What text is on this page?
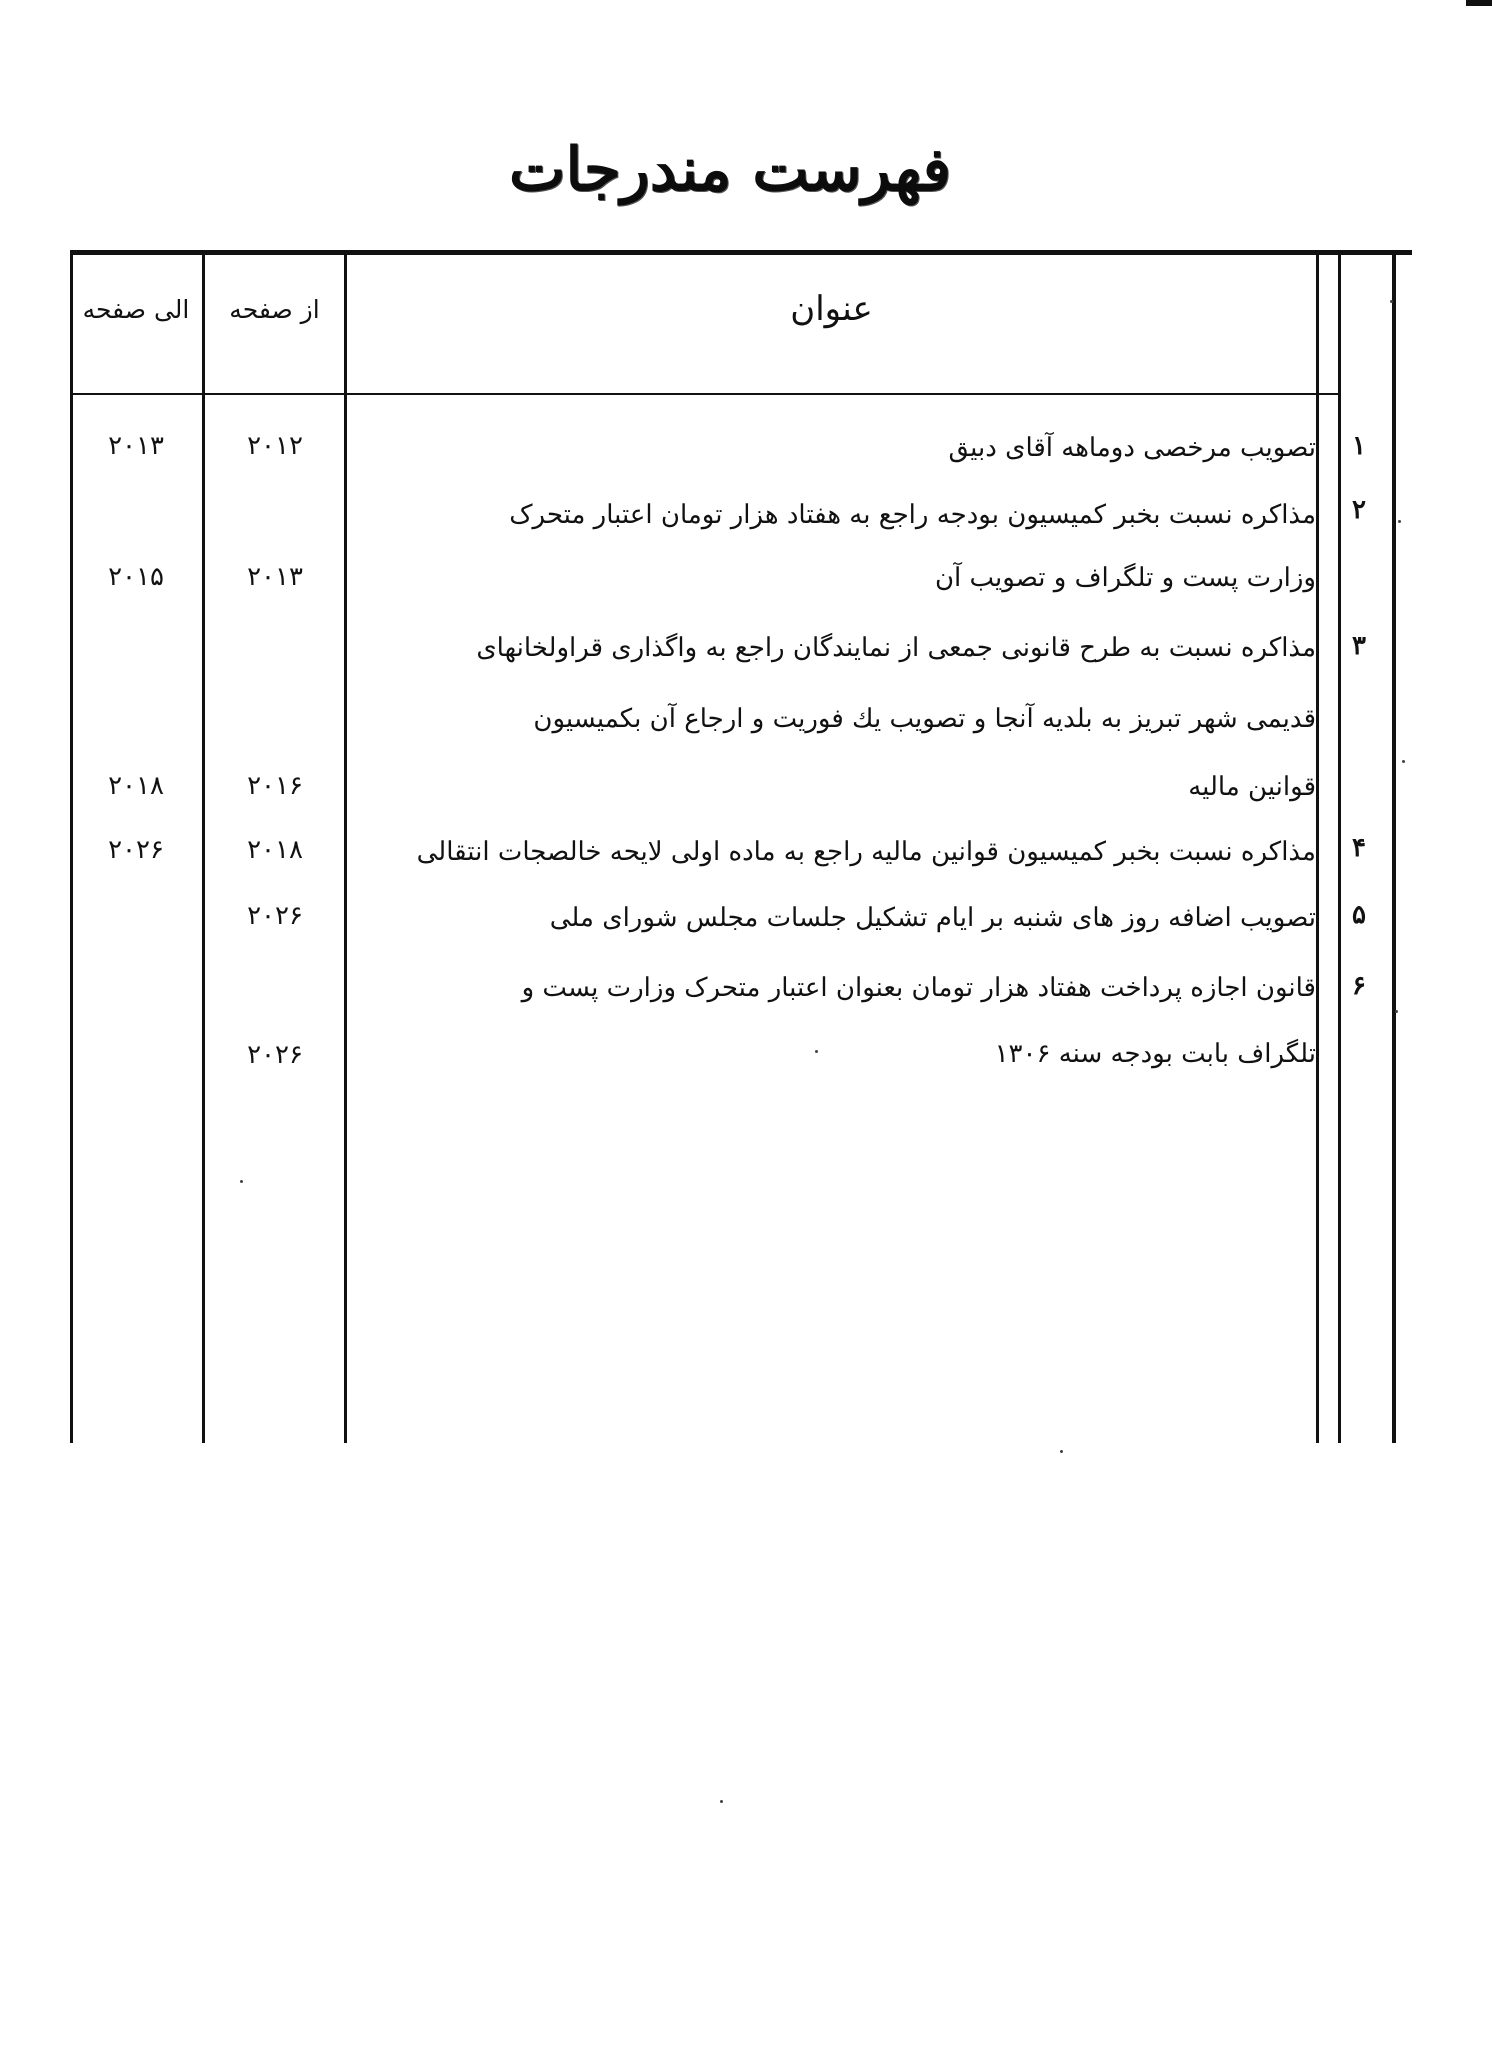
فهرست مندرجات
الی صفحه	از صفحه	عنوان
۱
۲
۳
۴
۵
۶
تصویب مرخصی دوماهه آقای دبیق
مذاکره نسبت بخبر کمیسیون بودجه راجع به هفتاد هزار تومان اعتبار متحرک
وزارت پست و تلگراف و تصویب آن
مذاکره نسبت به طرح قانونی جمعی از نمایندگان راجع به واگذاری قراولخانهای
قدیمی شهر تبریز به بلدیه آنجا و تصویب یك فوریت و ارجاع آن بکمیسیون
قوانین مالیه
مذاکره نسبت بخبر کمیسیون قوانین مالیه راجع به ماده اولی لایحه خالصجات انتقالی
تصویب اضافه روز های شنبه بر ایام تشکیل جلسات مجلس شورای ملی
قانون اجازه پرداخت هفتاد هزار تومان بعنوان اعتبار متحرک وزارت پست و
تلگراف بابت بودجه سنه ۱۳۰۶
۲۰۱۲
۲۰۱۳
۲۰۱۶
۲۰۱۸
۲۰۲۶
۲۰۲۶
۲۰۱۳
۲۰۱۵
۲۰۱۸
۲۰۲۶
